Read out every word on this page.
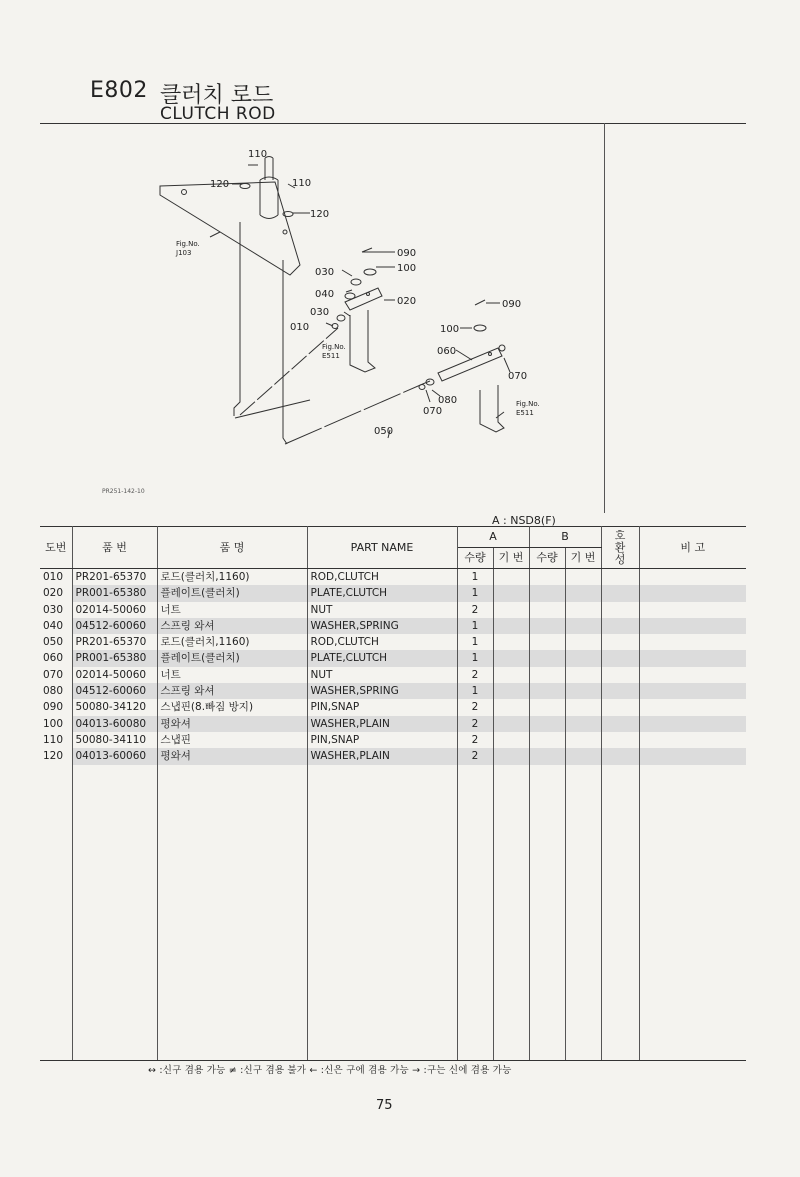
E802 클러치 로드
CLUTCH ROD
110
120	110
120
090
100
030
040
020
030
010
090
100
060
070
080
070
050
Fig.No.
J103
Fig.No.
E511
Fig.No.
E511
PR251-142-10
A : NSD8(F)
도번	품 번	품 명	PART NAME	A		B		호
환
성	비 고
				수량	기 번	수량	기 번		
010	PR201-65370	로드(클러치,1160)	ROD,CLUTCH	1					
020	PR001-65380	플레이트(클러치)	PLATE,CLUTCH	1					
030	02014-50060	너트	NUT	2					
040	04512-60060	스프링 와셔	WASHER,SPRING	1					
050	PR201-65370	로드(클러치,1160)	ROD,CLUTCH	1					
060	PR001-65380	플레이트(클러치)	PLATE,CLUTCH	1					
070	02014-50060	너트	NUT	2					
080	04512-60060	스프링 와셔	WASHER,SPRING	1					
090	50080-34120	스냅핀(8.빠짐 방지)	PIN,SNAP	2					
100	04013-60080	평와셔	WASHER,PLAIN	2					
110	50080-34110	스냅핀	PIN,SNAP	2					
120	04013-60060	평와셔	WASHER,PLAIN	2					

↔ :신구 겸용 가능 ≠ :신구 겸용 불가 ← :신은 구에 겸용 가능 → :구는 신에 겸용 가능
75
